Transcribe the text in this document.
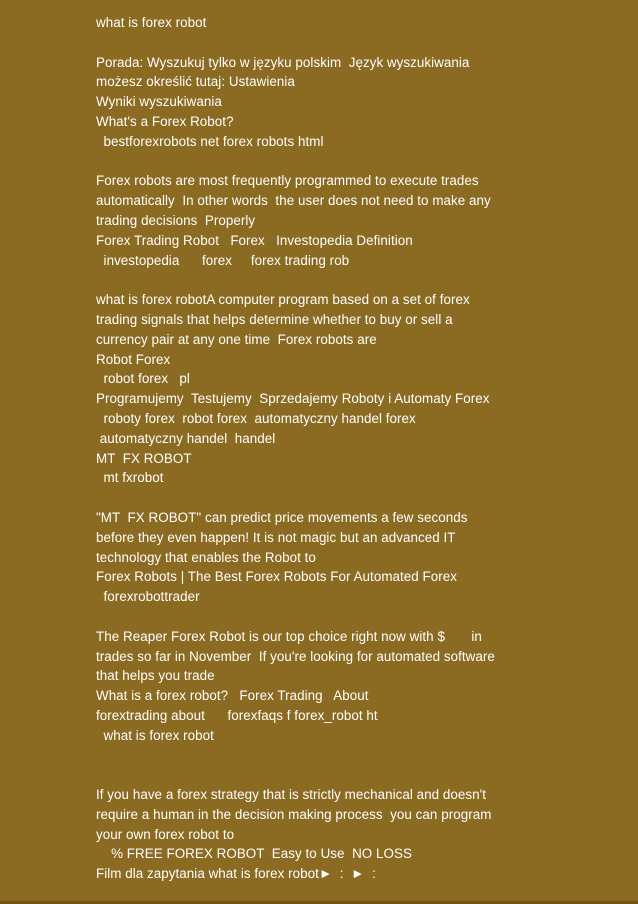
what is forex robot
Porada: Wyszukuj tylko w języku polskim  Język wyszukiwania
możesz określić tutaj: Ustawienia
Wyniki wyszukiwania
What's a Forex Robot?
bestforexrobots net forex robots html
Forex robots are most frequently programmed to execute trades
automatically  In other words  the user does not need to make any
trading decisions  Properly
Forex Trading Robot   Forex   Investopedia Definition
investopedia      forex     forex trading rob
what is forex robotA computer program based on a set of forex
trading signals that helps determine whether to buy or sell a
currency pair at any one time  Forex robots are
Robot Forex
robot forex   pl
Programujemy  Testujemy  Sprzedajemy Roboty i Automaty Forex
roboty forex  robot forex  automatyczny handel forex
automatyczny handel  handel
MT  FX ROBOT
mt fxrobot
"MT  FX ROBOT" can predict price movements a few seconds
before they even happen! It is not magic but an advanced IT
technology that enables the Robot to
Forex Robots | The Best Forex Robots For Automated Forex
forexrobottrader
The Reaper Forex Robot is our top choice right now with $       in
trades so far in November  If you're looking for automated software
that helps you trade
What is a forex robot?   Forex Trading   About
forextrading about      forexfaqs f forex_robot ht
what is forex robot
If you have a forex strategy that is strictly mechanical and doesn't
require a human in the decision making process  you can program
your own forex robot to
% FREE FOREX ROBOT  Easy to Use  NO LOSS
Film dla zapytania what is forex robot►  :  ►  :
